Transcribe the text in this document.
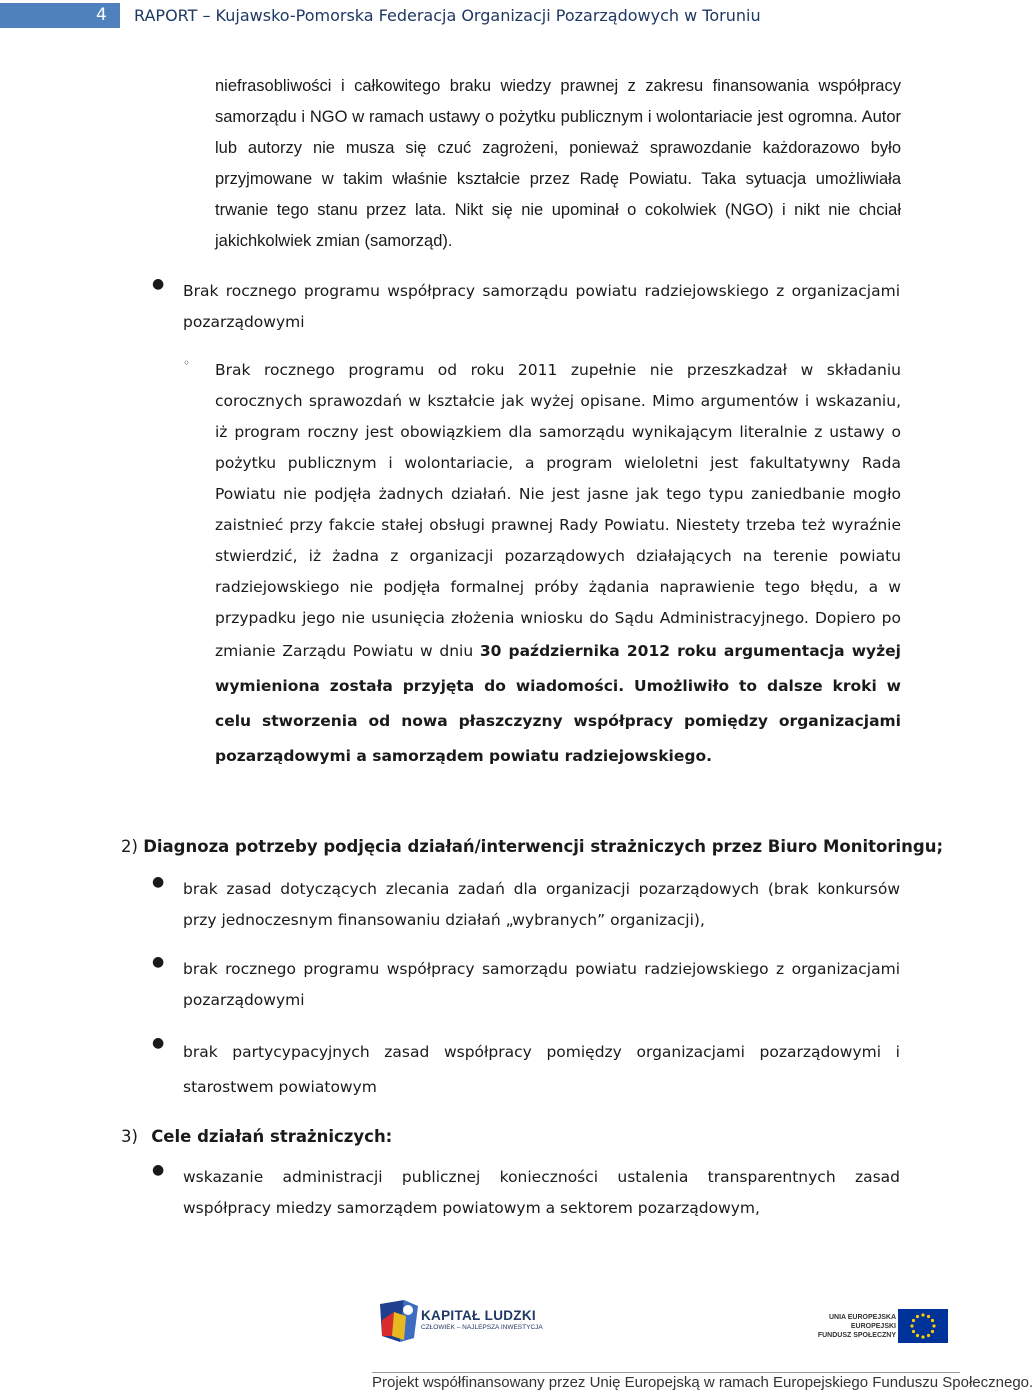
4	RAPORT – Kujawsko-Pomorska Federacja Organizacji Pozarządowych w Toruniu
niefrasobliwości i całkowitego braku wiedzy prawnej z zakresu finansowania współpracy samorządu i NGO w ramach ustawy o pożytku publicznym i wolontariacie jest ogromna. Autor lub autorzy nie musza się czuć zagrożeni, ponieważ sprawozdanie każdorazowo było przyjmowane w takim właśnie kształcie przez Radę Powiatu. Taka sytuacja umożliwiała trwanie tego stanu przez lata. Nikt się nie upominał o cokolwiek (NGO) i nikt nie chciał jakichkolwiek zmian (samorząd).
● Brak rocznego programu współpracy samorządu powiatu radziejowskiego z organizacjami pozarządowymi
◦ Brak rocznego programu od roku 2011 zupełnie nie przeszkadzał w składaniu corocznych sprawozdań w kształcie jak wyżej opisane. Mimo argumentów i wskazaniu, iż program roczny jest obowiązkiem dla samorządu wynikającym literalnie z ustawy o pożytku publicznym i wolontariacie, a program wieloletni jest fakultatywny Rada Powiatu nie podjęła żadnych działań. Nie jest jasne jak tego typu zaniedbanie mogło zaistnieć przy fakcie stałej obsługi prawnej Rady Powiatu. Niestety trzeba też wyraźnie stwierdzić, iż żadna z organizacji pozarządowych działających na terenie powiatu radziejowskiego nie podjęła formalnej próby żądania naprawienie tego błędu, a w przypadku jego nie usunięcia złożenia wniosku do Sądu Administracyjnego. Dopiero po zmianie Zarządu Powiatu w dniu 30 października 2012 roku argumentacja wyżej wymieniona została przyjęta do wiadomości. Umożliwiło to dalsze kroki w celu stworzenia od nowa płaszczyzny współpracy pomiędzy organizacjami pozarządowymi a samorządem powiatu radziejowskiego.
2) Diagnoza potrzeby podjęcia działań/interwencji strażniczych przez Biuro Monitoringu;
● brak zasad dotyczących zlecania zadań dla organizacji pozarządowych (brak konkursów przy jednoczesnym finansowaniu działań „wybranych” organizacji),
● brak rocznego programu współpracy samorządu powiatu radziejowskiego z organizacjami pozarządowymi
● brak partycypacyjnych zasad współpracy pomiędzy organizacjami pozarządowymi i starostwem powiatowym
3) Cele działań strażniczych:
● wskazanie administracji publicznej konieczności ustalenia transparentnych zasad współpracy miedzy samorządem powiatowym a sektorem pozarządowym,
KAPITAŁ LUDZKI
CZŁOWIEK – NAJLEPSZA INWESTYCJA
UNIA EUROPEJSKA
EUROPEJSKI
FUNDUSZ SPOŁECZNY
Projekt współfinansowany przez Unię Europejską w ramach Europejskiego Funduszu Społecznego.
